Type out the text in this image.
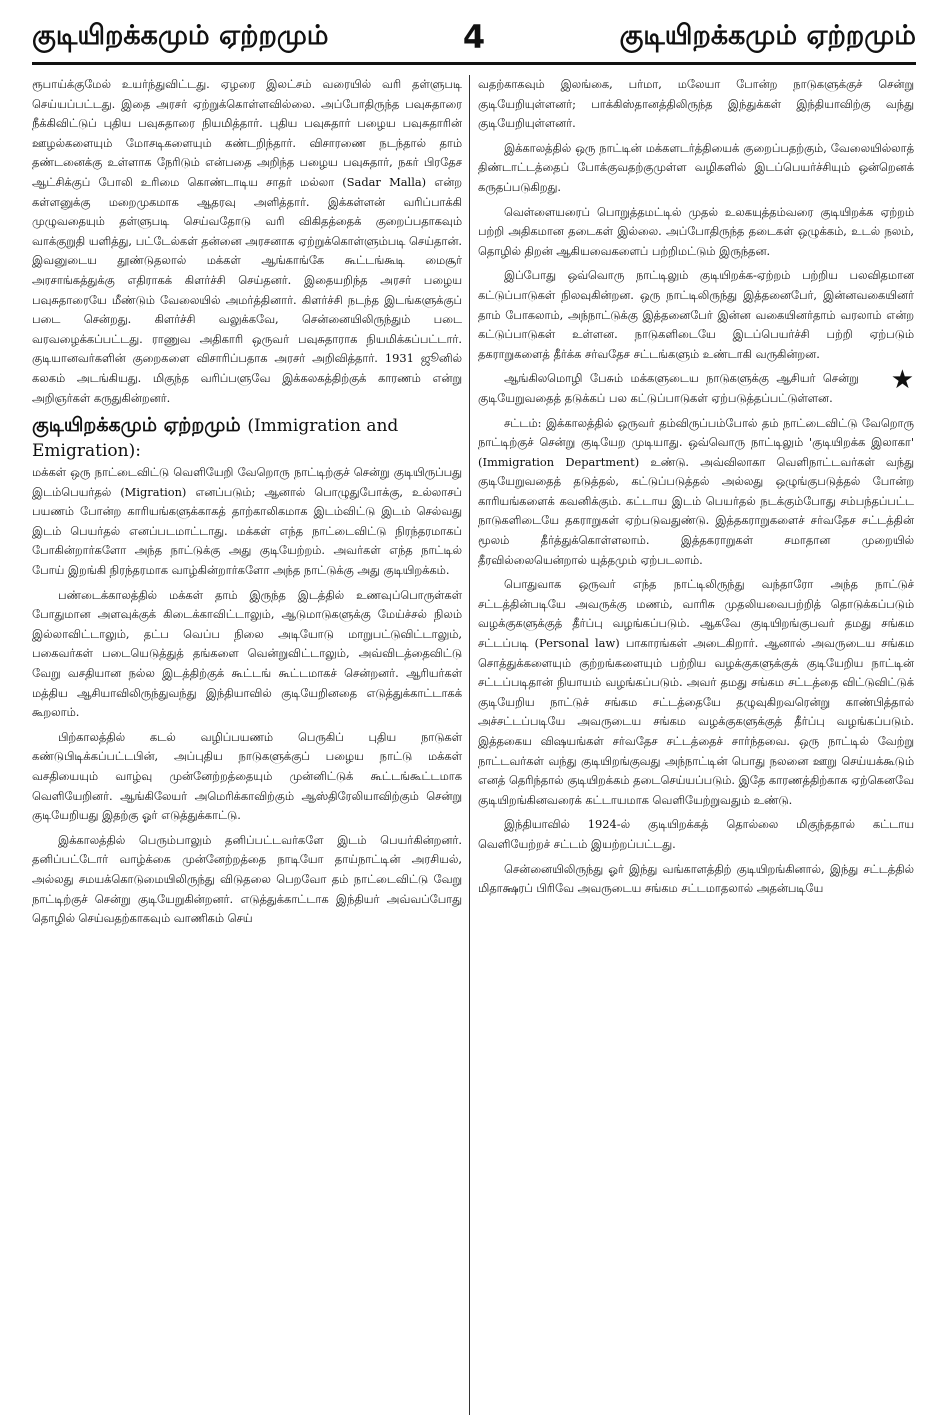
குடியிறக்கமும் ஏற்றமும்	4	குடியிறக்கமும் ஏற்றமும்

ரூபாய்க்குமேல் உயர்ந்துவிட்டது. ஏழரை இலட்சம் வரையில் வரி தள்ளுபடி செய்யப்பட்டது. இதை அரசர் ஏற்றுக்கொள்ளவில்லை. அப்போதிருந்த பவுசுதாரை நீக்கிவிட்டுப் புதிய பவுசுதாரை நியமித்தார். புதிய பவுசுதார் பழைய பவுசுதாரின் ஊழல்களையும் மோசடிகளையும் கண்டறிந்தார். விசாரணை நடந்தால் தாம் தண்டனைக்கு உள்ளாக நேரிடும் என்பதை அறிந்த பழைய பவுசுதார், நகர் பிரதேச ஆட்சிக்குப் போலி உரிமை கொண்டாடிய சாதர் மல்லா (Sadar Malla) என்ற கள்ளனுக்கு மறைமுகமாக ஆதரவு அளித்தார். இக்கள்ளன் வரிப்பாக்கி முழுவதையும் தள்ளுபடி செய்வதோடு வரி விகிதத்தைக் குறைப்பதாகவும் வாக்குறுதி யளித்து, பட்டேல்கள் தன்னை அரசனாக ஏற்றுக்கொள்ளும்படி செய்தான். இவனுடைய தூண்டுதலால் மக்கள் ஆங்காங்கே கூட்டங்கூடி மைசூர் அரசாங்கத்துக்கு எதிராகக் கிளர்ச்சி செய்தனர். இதையறிந்த அரசர் பழைய பவுசுதாரையே மீண்டும் வேலையில் அமர்த்தினார். கிளர்ச்சி நடந்த இடங்களுக்குப் படை சென்றது. கிளர்ச்சி வலுக்கவே, சென்னையிலிருந்தும் படை வரவழைக்கப்பட்டது. ராணுவ அதிகாரி ஒருவர் பவுசுதாராக நியமிக்கப்பட்டார். குடியானவர்களின் குறைகளை விசாரிப்பதாக அரசர் அறிவித்தார். 1931 ஜூனில் கலகம் அடங்கியது. மிகுந்த வரிப்பளுவே இக்கலகத்திற்குக் காரணம் என்று அறிஞர்கள் கருதுகின்றனர்.

குடியிறக்கமும் ஏற்றமும் (Immigration and Emigration):

மக்கள் ஒரு நாட்டைவிட்டு வெளியேறி வேறொரு நாட்டிற்குச் சென்று குடியிருப்பது இடம்பெயர்தல் (Migration) எனப்படும்; ஆனால் பொழுதுபோக்கு, உல்லாசப் பயணம் போன்ற காரியங்களுக்காகத் தாற்காலிகமாக இடம்விட்டு இடம் செல்வது இடம் பெயர்தல் எனப்படமாட்டாது. மக்கள் எந்த நாட்டைவிட்டு நிரந்தரமாகப் போகின்றார்களோ அந்த நாட்டுக்கு அது குடியேற்றம். அவர்கள் எந்த நாட்டில் போய் இறங்கி நிரந்தரமாக வாழ்கின்றார்களோ அந்த நாட்டுக்கு அது குடியிறக்கம்.

பண்டைக்காலத்தில் மக்கள் தாம் இருந்த இடத்தில் உணவுப்பொருள்கள் போதுமான அளவுக்குக் கிடைக்காவிட்டாலும், ஆடுமாடுகளுக்கு மேய்ச்சல் நிலம் இல்லாவிட்டாலும், தட்ப வெப்ப நிலை அடியோடு மாறுபட்டுவிட்டாலும், பகைவர்கள் படையெடுத்துத் தங்களை வென்றுவிட்டாலும், அவ்விடத்தைவிட்டு வேறு வசதியான நல்ல இடத்திற்குக் கூட்டங் கூட்டமாகச் சென்றனர். ஆரியர்கள் மத்திய ஆசியாவிலிருந்துவந்து இந்தியாவில் குடியேறினதை எடுத்துக்காட்டாகக் கூறலாம்.

பிற்காலத்தில் கடல் வழிப்பயணம் பெருகிப் புதிய நாடுகள் கண்டுபிடிக்கப்பட்டபின், அப்புதிய நாடுகளுக்குப் பழைய நாட்டு மக்கள் வசதியையும் வாழ்வு முன்னேற்றத்தையும் முன்னிட்டுக் கூட்டங்கூட்டமாக வெளியேறினர். ஆங்கிலேயர் அமெரிக்காவிற்கும் ஆஸ்திரேலியாவிற்கும் சென்று குடியேறியது இதற்கு ஓர் எடுத்துக்காட்டு.

இக்காலத்தில் பெரும்பாலும் தனிப்பட்டவர்களே இடம் பெயர்கின்றனர். தனிப்பட்டோர் வாழ்க்கை முன்னேற்றத்தை நாடியோ தாய்நாட்டின் அரசியல், அல்லது சமயக்கொடுமையிலிருந்து விடுதலை பெறவோ தம் நாட்டைவிட்டு வேறு நாட்டிற்குச் சென்று குடியேறுகின்றனர். எடுத்துக்காட்டாக இந்தியர் அவ்வப்போது தொழில் செய்வதற்காகவும் வாணிகம் செய்

வதற்காகவும் இலங்கை, பர்மா, மலேயா போன்ற நாடுகளுக்குச் சென்று குடியேறியுள்ளனர்; பாக்கிஸ்தானத்திலிருந்த இந்துக்கள் இந்தியாவிற்கு வந்து குடியேறியுள்ளனர்.

இக்காலத்தில் ஒரு நாட்டின் மக்களடர்த்தியைக் குறைப்பதற்கும், வேலையில்லாத் திண்டாட்டத்தைப் போக்குவதற்குமுள்ள வழிகளில் இடப்பெயர்ச்சியும் ஒன்றெனக் கருதப்படுகிறது.

வெள்ளையரைப் பொறுத்தமட்டில் முதல் உலகயுத்தம்வரை குடியிறக்க ஏற்றம் பற்றி அதிகமான தடைகள் இல்லை. அப்போதிருந்த தடைகள் ஒழுக்கம், உடல் நலம், தொழில் திறன் ஆகியவைகளைப் பற்றிமட்டும் இருந்தன.

இப்போது ஒவ்வொரு நாட்டிலும் குடியிறக்க-ஏற்றம் பற்றிய பலவிதமான கட்டுப்பாடுகள் நிலவுகின்றன. ஒரு நாட்டிலிருந்து இத்தனைபேர், இன்னவகையினர் தாம் போகலாம், அந்நாட்டுக்கு இத்தனைபேர் இன்ன வகையினர்தாம் வரலாம் என்ற கட்டுப்பாடுகள் உள்ளன. நாடுகளிடையே இடப்பெயர்ச்சி பற்றி ஏற்படும் தகராறுகளைத் தீர்க்க சர்வதேச சட்டங்களும் உண்டாகி வருகின்றன.

★
ஆங்கிலமொழி பேசும் மக்களுடைய நாடுகளுக்கு ஆசியர் சென்று குடியேறுவதைத் தடுக்கப் பல கட்டுப்பாடுகள் ஏற்படுத்தப்பட்டுள்ளன.

சட்டம்: இக்காலத்தில் ஒருவர் தம்விருப்பம்போல் தம் நாட்டைவிட்டு வேறொரு நாட்டிற்குச் சென்று குடியேற முடியாது. ஒவ்வொரு நாட்டிலும் 'குடியிறக்க இலாகா' (Immigration Department) உண்டு. அவ்விலாகா வெளிநாட்டவர்கள் வந்து குடியேறுவதைத் தடுத்தல், கட்டுப்படுத்தல் அல்லது ஒழுங்குபடுத்தல் போன்ற காரியங்களைக் கவனிக்கும். கட்டாய இடம் பெயர்தல் நடக்கும்போது சம்பந்தப்பட்ட நாடுகளிடையே தகராறுகள் ஏற்படுவதுண்டு. இத்தகராறுகளைச் சர்வதேச சட்டத்தின் மூலம் தீர்த்துக்கொள்ளலாம். இத்தகராறுகள் சமாதான முறையில் தீரவில்லையென்றால் யுத்தமும் ஏற்படலாம்.

பொதுவாக ஒருவர் எந்த நாட்டிலிருந்து வந்தாரோ அந்த நாட்டுச் சட்டத்தின்படியே அவருக்கு மணம், வாரிசு முதலியவைபற்றித் தொடுக்கப்படும் வழக்குகளுக்குத் தீர்ப்பு வழங்கப்படும். ஆகவே குடியிறங்குபவர் தமது சங்கம சட்டப்படி (Personal law) பாகாரங்கள் அடைகிறார். ஆனால் அவருடைய சங்கம சொத்துக்களையும் குற்றங்களையும் பற்றிய வழக்குகளுக்குக் குடியேறிய நாட்டின் சட்டப்படிதான் நியாயம் வழங்கப்படும். அவர் தமது சங்கம சட்டத்தை விட்டுவிட்டுக் குடியேறிய நாட்டுச் சங்கம சட்டத்தையே தழுவுகிறவரென்று காண்பித்தால் அச்சட்டப்படியே அவருடைய சங்கம வழக்குகளுக்குத் தீர்ப்பு வழங்கப்படும். இத்தகைய விஷயங்கள் சர்வதேச சட்டத்தைச் சார்ந்தவை. ஒரு நாட்டில் வேற்று நாட்டவர்கள் வந்து குடியிறங்குவது அந்நாட்டின் பொது நலனை ஊறு செய்யக்கூடும் எனத் தெரிந்தால் குடியிறக்கம் தடைசெய்யப்படும். இதே காரணத்திற்காக ஏற்கெனவே குடியிறங்கினவரைக் கட்டாயமாக வெளியேற்றுவதும் உண்டு.

இந்தியாவில் 1924-ல் குடியிறக்கத் தொல்லை மிகுந்ததால் கட்டாய வெளியேற்றச் சட்டம் இயற்றப்பட்டது.

சென்னையிலிருந்து ஓர் இந்து வங்காளத்திற் குடியிறங்கினால், இந்து சட்டத்தில் மிதாக்ஷரப் பிரிவே அவருடைய சங்கம சட்டமாதலால் அதன்படியே
